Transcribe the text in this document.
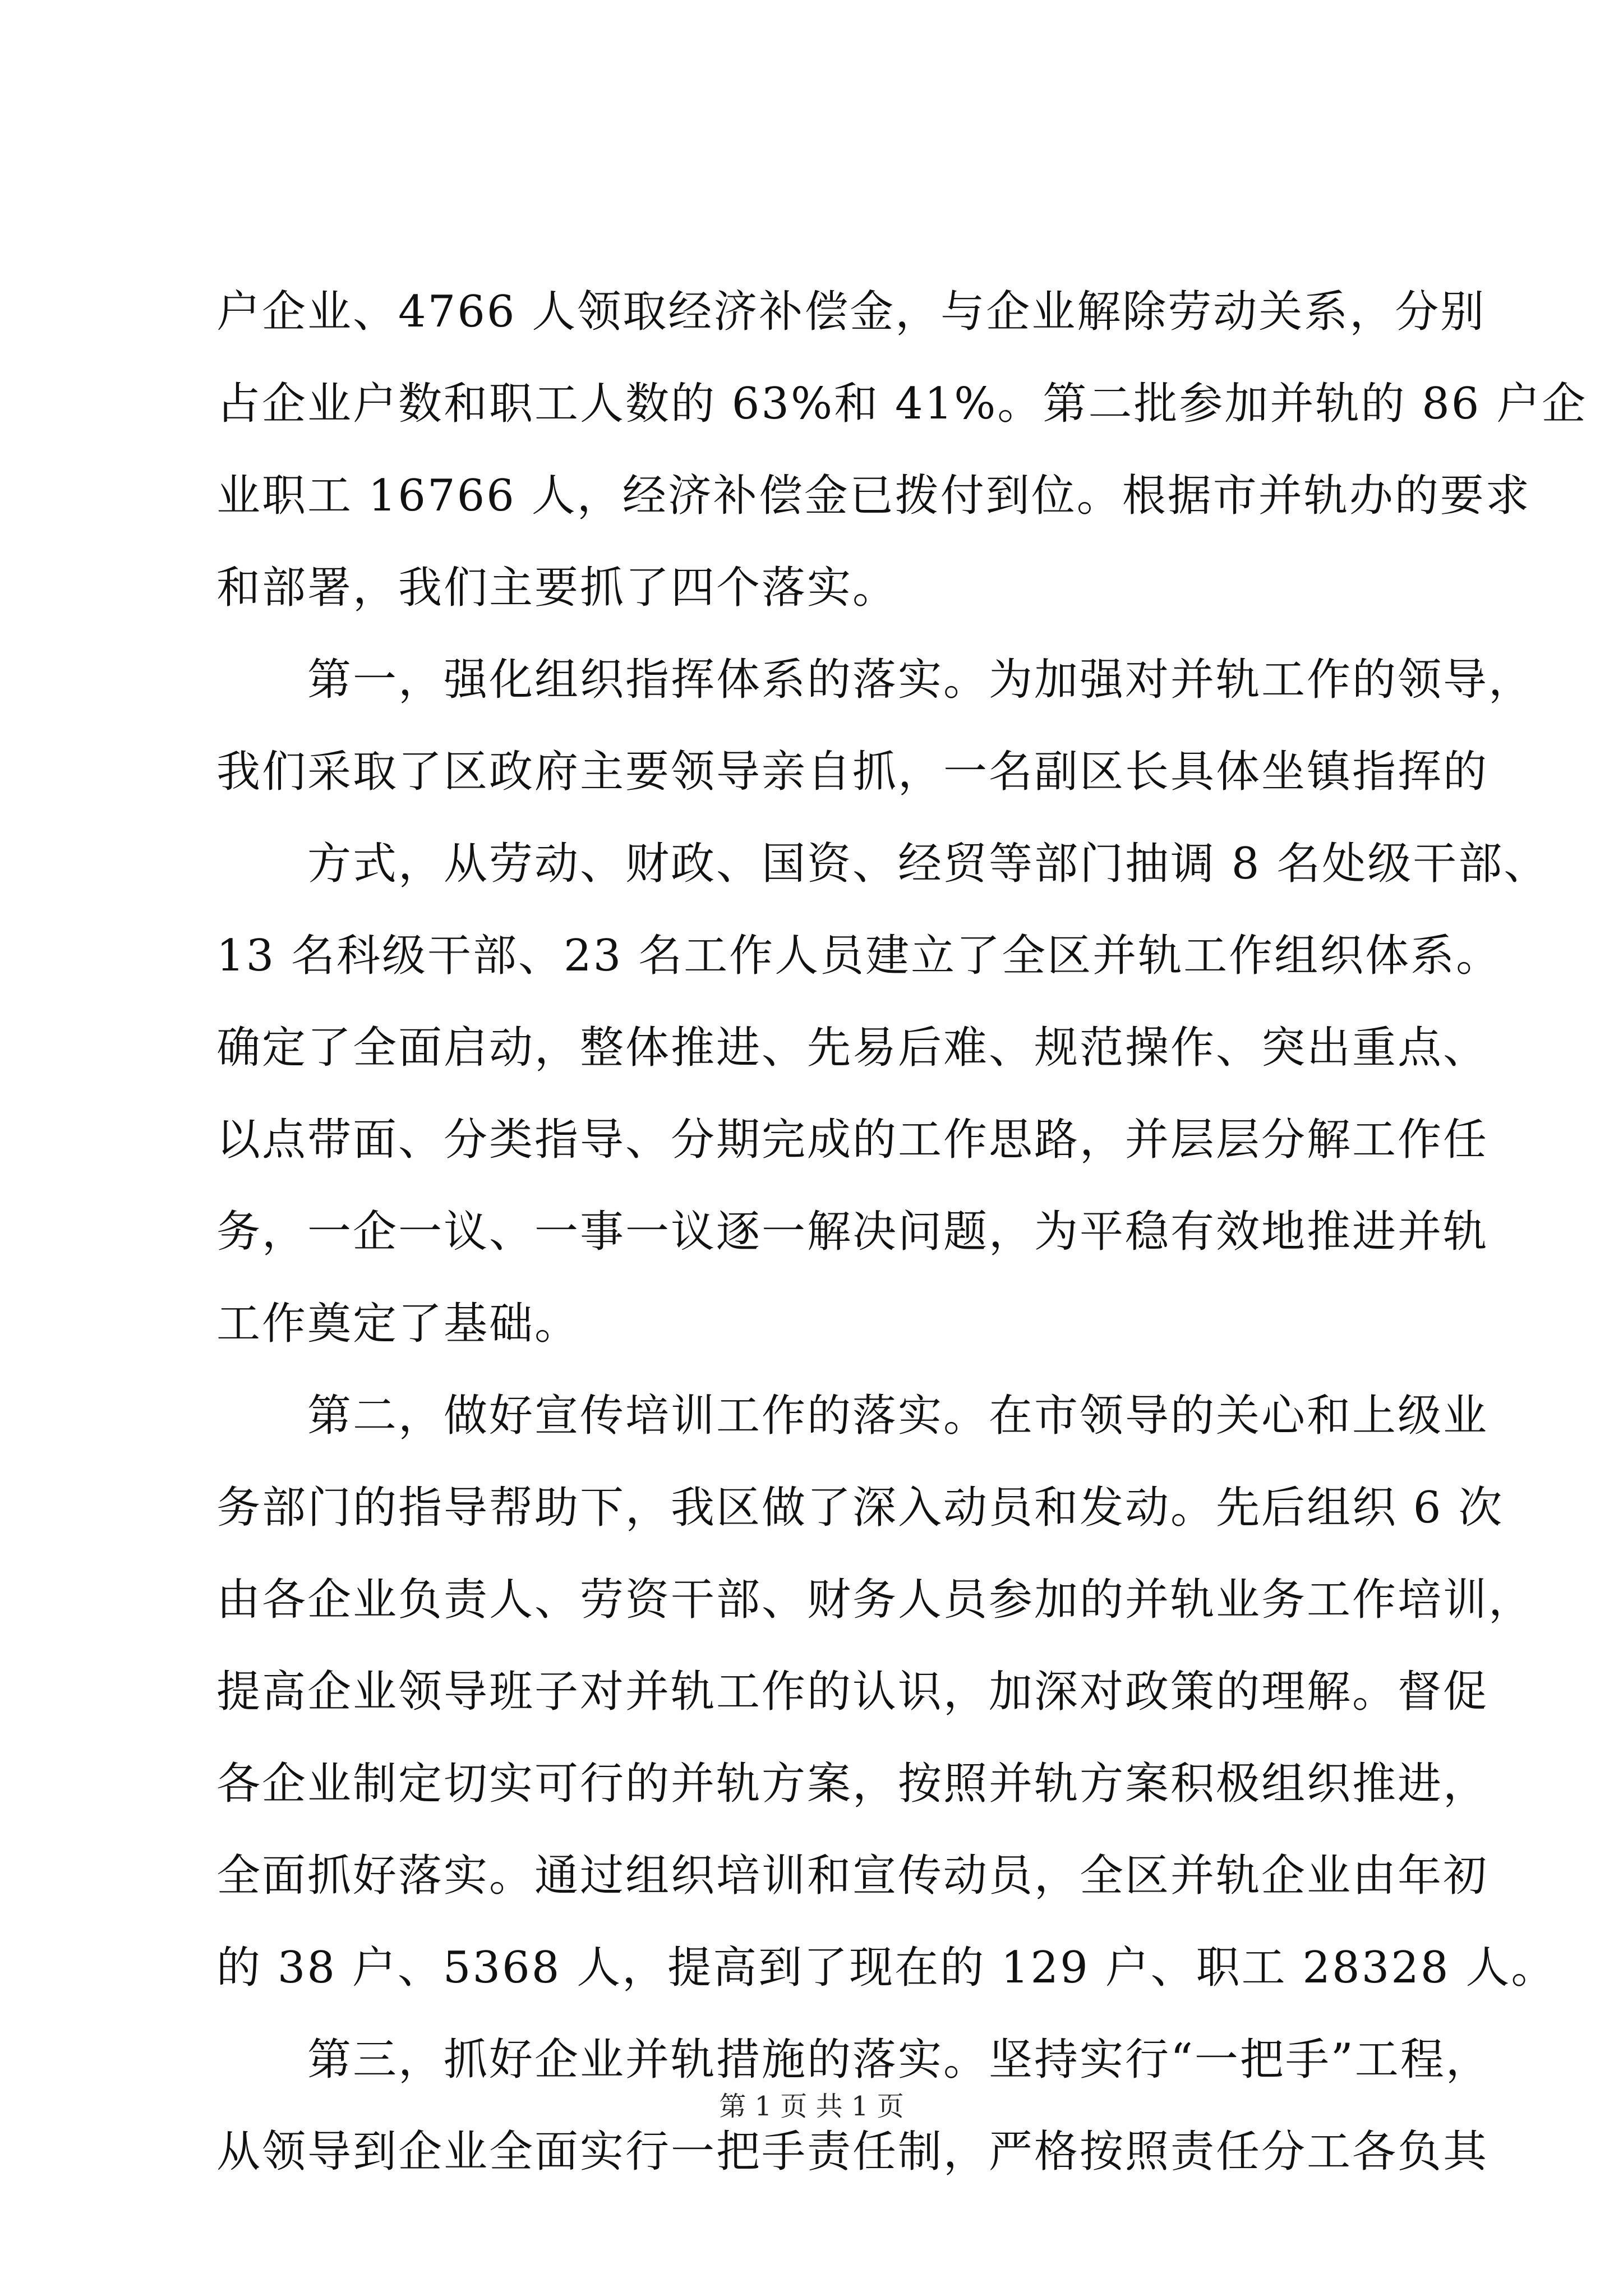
户企业、4766 人领取经济补偿金，与企业解除劳动关系，分别
占企业户数和职工人数的 63%和 41%。第二批参加并轨的 86 户企
业职工 16766 人，经济补偿金已拨付到位。根据市并轨办的要求
和部署，我们主要抓了四个落实。
第一，强化组织指挥体系的落实。为加强对并轨工作的领导，
我们采取了区政府主要领导亲自抓，一名副区长具体坐镇指挥的
方式，从劳动、财政、国资、经贸等部门抽调 8 名处级干部、
13 名科级干部、23 名工作人员建立了全区并轨工作组织体系。
确定了全面启动，整体推进、先易后难、规范操作、突出重点、
以点带面、分类指导、分期完成的工作思路，并层层分解工作任
务，一企一议、一事一议逐一解决问题，为平稳有效地推进并轨
工作奠定了基础。
第二，做好宣传培训工作的落实。在市领导的关心和上级业
务部门的指导帮助下，我区做了深入动员和发动。先后组织 6 次
由各企业负责人、劳资干部、财务人员参加的并轨业务工作培训，
提高企业领导班子对并轨工作的认识，加深对政策的理解。督促
各企业制定切实可行的并轨方案，按照并轨方案积极组织推进，
全面抓好落实。通过组织培训和宣传动员，全区并轨企业由年初
的 38 户、5368 人，提高到了现在的 129 户、职工 28328 人。
第三，抓好企业并轨措施的落实。坚持实行“一把手”工程，
从领导到企业全面实行一把手责任制，严格按照责任分工各负其
第 1 页 共 1 页
